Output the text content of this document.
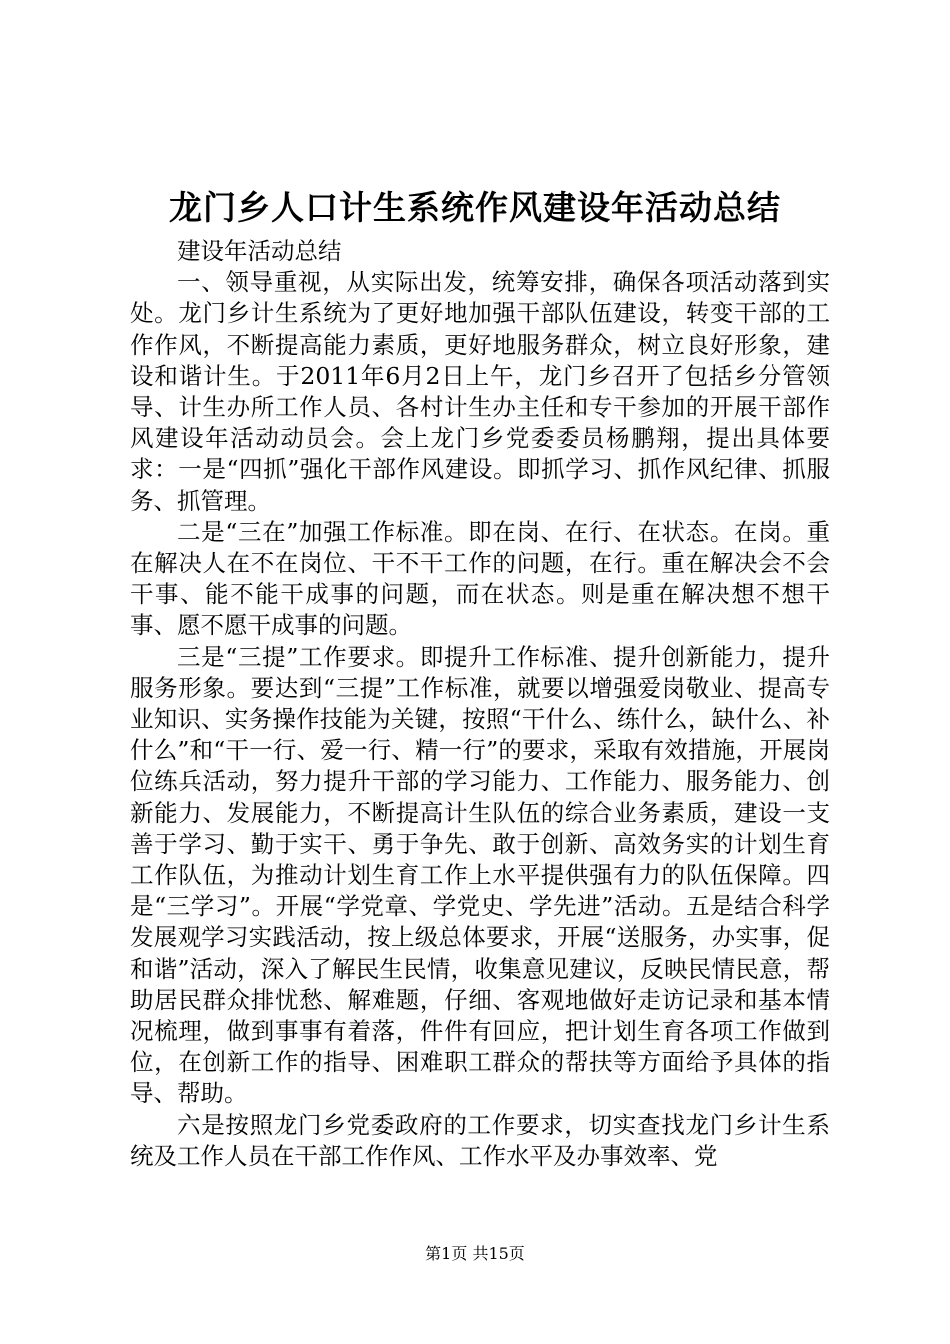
龙门乡人口计生系统作风建设年活动总结

建设年活动总结

一、领导重视，从实际出发，统筹安排，确保各项活动落到实处。龙门乡计生系统为了更好地加强干部队伍建设，转变干部的工作作风，不断提高能力素质，更好地服务群众，树立良好形象，建设和谐计生。于2011年6月2日上午，龙门乡召开了包括乡分管领导、计生办所工作人员、各村计生办主任和专干参加的开展干部作风建设年活动动员会。会上龙门乡党委委员杨鹏翔，提出具体要求：一是“四抓”强化干部作风建设。即抓学习、抓作风纪律、抓服务、抓管理。

二是“三在”加强工作标准。即在岗、在行、在状态。在岗。重在解决人在不在岗位、干不干工作的问题，在行。重在解决会不会干事、能不能干成事的问题，而在状态。则是重在解决想不想干事、愿不愿干成事的问题。

三是“三提”工作要求。即提升工作标准、提升创新能力，提升服务形象。要达到“三提”工作标准，就要以增强爱岗敬业、提高专业知识、实务操作技能为关键，按照“干什么、练什么，缺什么、补什么”和“干一行、爱一行、精一行”的要求，采取有效措施，开展岗位练兵活动，努力提升干部的学习能力、工作能力、服务能力、创新能力、发展能力，不断提高计生队伍的综合业务素质，建设一支善于学习、勤于实干、勇于争先、敢于创新、高效务实的计划生育工作队伍，为推动计划生育工作上水平提供强有力的队伍保障。四是“三学习”。开展“学党章、学党史、学先进”活动。五是结合科学发展观学习实践活动，按上级总体要求，开展“送服务，办实事，促和谐”活动，深入了解民生民情，收集意见建议，反映民情民意，帮助居民群众排忧愁、解难题，仔细、客观地做好走访记录和基本情况梳理，做到事事有着落，件件有回应，把计划生育各项工作做到位，在创新工作的指导、困难职工群众的帮扶等方面给予具体的指导、帮助。

六是按照龙门乡党委政府的工作要求，切实查找龙门乡计生系统及工作人员在干部工作作风、工作水平及办事效率、党

第1页 共15页
